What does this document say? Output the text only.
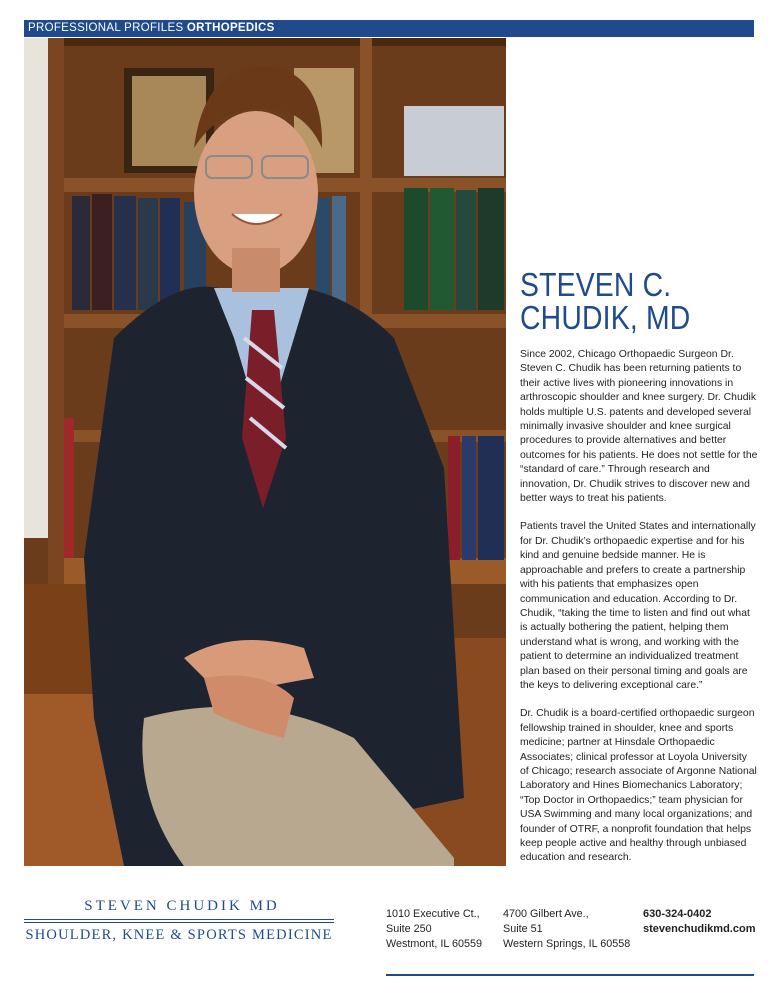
PROFESSIONAL PROFILES ORTHOPEDICS
STEVEN C.
CHUDIK, MD

Since 2002, Chicago Orthopaedic Surgeon Dr. Steven C. Chudik has been returning patients to their active lives with pioneering innovations in arthroscopic shoulder and knee surgery. Dr. Chudik holds multiple U.S. patents and developed several minimally invasive shoulder and knee surgical procedures to provide alternatives and better outcomes for his patients. He does not settle for the “standard of care.” Through research and innovation, Dr. Chudik strives to discover new and better ways to treat his patients.

Patients travel the United States and internationally for Dr. Chudik’s orthopaedic expertise and for his kind and genuine bedside manner. He is approachable and prefers to create a partnership with his patients that emphasizes open communication and education. According to Dr. Chudik, “taking the time to listen and find out what is actually bothering the patient, helping them understand what is wrong, and working with the patient to determine an individualized treatment plan based on their personal timing and goals are the keys to delivering exceptional care.”

Dr. Chudik is a board-certified orthopaedic surgeon fellowship trained in shoulder, knee and sports medicine; partner at Hinsdale Orthopaedic Associates; clinical professor at Loyola University of Chicago; research associate of Argonne National Laboratory and Hines Biomechanics Laboratory; “Top Doctor in Orthopaedics;” team physician for USA Swimming and many local organizations; and founder of OTRF, a nonprofit foundation that helps keep people active and healthy through unbiased education and research.

STEVEN CHUDIK MD
SHOULDER, KNEE & SPORTS MEDICINE
1010 Executive Ct.,
Suite 250
Westmont, IL 60559
4700 Gilbert Ave.,
Suite 51
Western Springs, IL 60558
630-324-0402
stevenchudikmd.com
